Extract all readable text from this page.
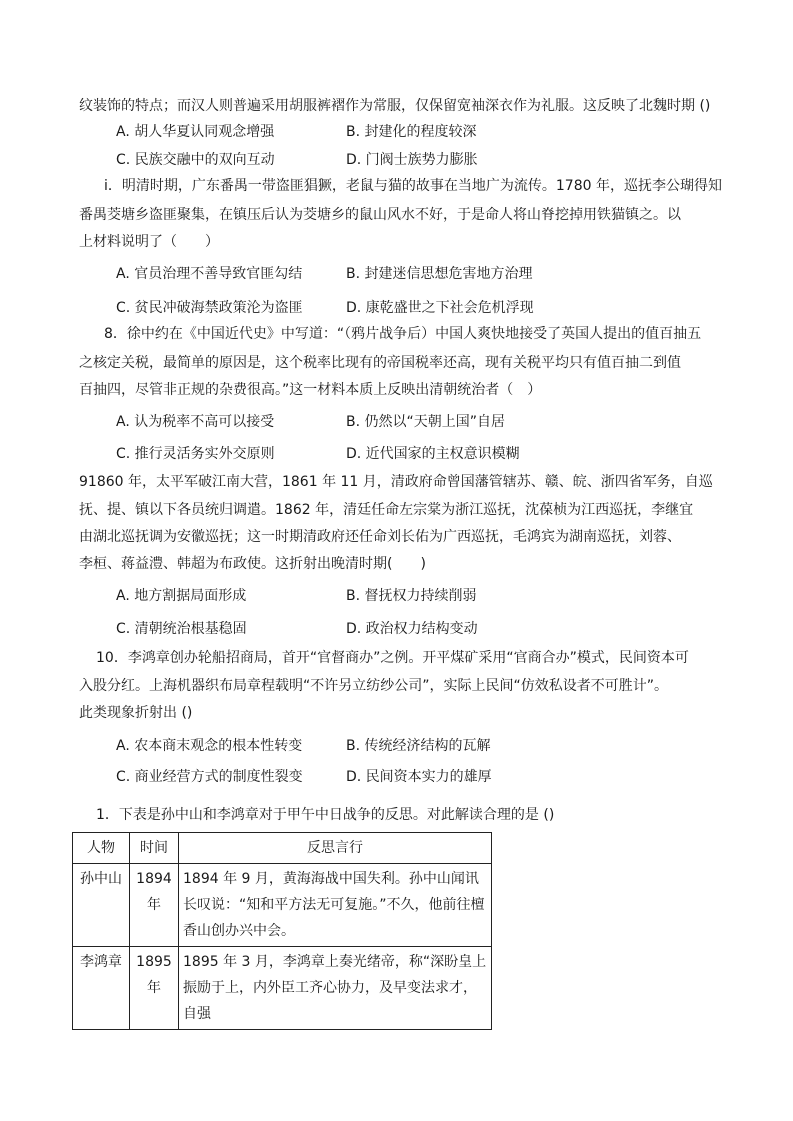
纹装饰的特点；而汉人则普遍采用胡服裤褶作为常服，仅保留宽袖深衣作为礼服。这反映了北魏时期 ()
A. 胡人华夏认同观念增强	B. 封建化的程度较深
C. 民族交融中的双向互动	D. 门阀士族势力膨胀
i．明清时期，广东番禺一带盗匪猖獗，老鼠与猫的故事在当地广为流传。1780 年，巡抚李公瑚得知
番禺茭塘乡盗匪聚集，在镇压后认为茭塘乡的鼠山风水不好，于是命人将山脊挖掉用铁猫镇之。以
上材料说明了（　　）
A. 官员治理不善导致官匪勾结	B. 封建迷信思想危害地方治理
C. 贫民冲破海禁政策沦为盗匪	D. 康乾盛世之下社会危机浮现
8．徐中约在《中国近代史》中写道：“（鸦片战争后）中国人爽快地接受了英国人提出的值百抽五
之核定关税，最简单的原因是，这个税率比现有的帝国税率还高，现有关税平均只有值百抽二到值
百抽四，尽管非正规的杂费很高。”这一材料本质上反映出清朝统治者（　）
A. 认为税率不高可以接受	B. 仍然以“天朝上国”自居
C. 推行灵活务实外交原则	D. 近代国家的主权意识模糊
91860 年，太平军破江南大营，1861 年 11 月，清政府命曾国藩管辖苏、赣、皖、浙四省军务，自巡
抚、提、镇以下各员统归调遣。1862 年，清廷任命左宗棠为浙江巡抚，沈葆桢为江西巡抚，李继宜
由湖北巡抚调为安徽巡抚；这一时期清政府还任命刘长佑为广西巡抚，毛鸿宾为湖南巡抚，刘蓉、
李桓、蒋益澧、韩超为布政使。这折射出晚清时期(　　)
A. 地方割据局面形成	B. 督抚权力持续削弱
C. 清朝统治根基稳固	D. 政治权力结构变动
10．李鸿章创办轮船招商局，首开“官督商办”之例。开平煤矿采用“官商合办”模式，民间资本可
入股分红。上海机器织布局章程载明“不许另立纺纱公司”，实际上民间“仿效私设者不可胜计”。
此类现象折射出 ()
A. 农本商末观念的根本性转变	B. 传统经济结构的瓦解
C. 商业经营方式的制度性裂变	D. 民间资本实力的雄厚
1．下表是孙中山和李鸿章对于甲午中日战争的反思。对此解读合理的是 ()
人物	时间	反思言行
孙中山	1894 年	1894 年 9 月，黄海海战中国失利。孙中山闻讯长叹说：“知和平方法无可复施。”不久，他前往檀香山创办兴中会。
李鸿章	1895 年	1895 年 3 月，李鸿章上奏光绪帝，称“深盼皇上振励于上，内外臣工齐心协力，及早变法求才，自强
